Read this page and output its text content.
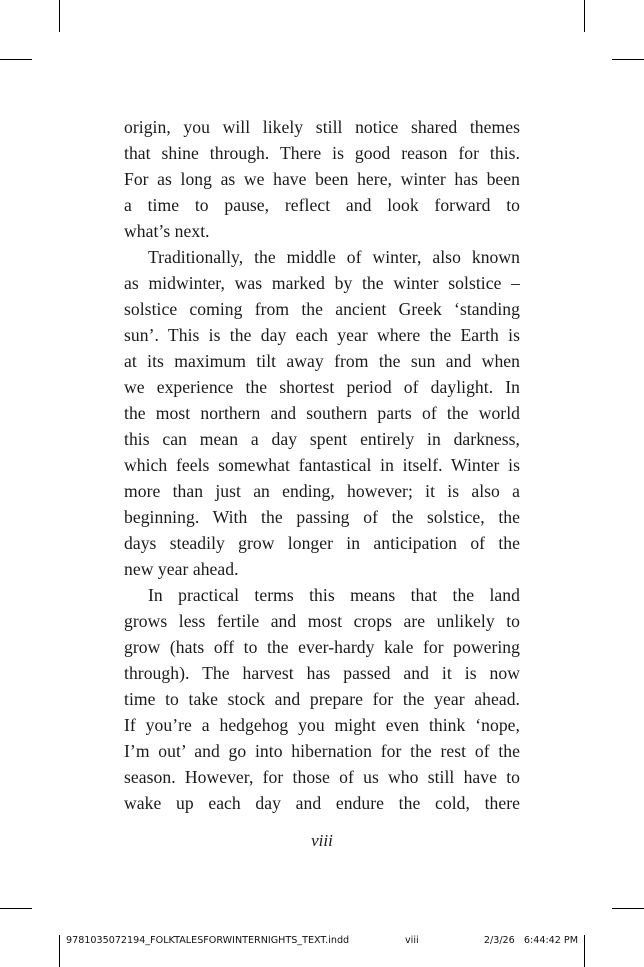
origin, you will likely still notice shared themes
that shine through. There is good reason for this.
For as long as we have been here, winter has been
a time to pause, reflect and look forward to
what’s next.
Traditionally, the middle of winter, also known
as midwinter, was marked by the winter solstice –
solstice coming from the ancient Greek ‘standing
sun’. This is the day each year where the Earth is
at its maximum tilt away from the sun and when
we experience the shortest period of daylight. In
the most northern and southern parts of the world
this can mean a day spent entirely in darkness,
which feels somewhat fantastical in itself. Winter is
more than just an ending, however; it is also a
beginning. With the passing of the solstice, the
days steadily grow longer in anticipation of the
new year ahead.
In practical terms this means that the land
grows less fertile and most crops are unlikely to
grow (hats off to the ever-hardy kale for powering
through). The harvest has passed and it is now
time to take stock and prepare for the year ahead.
If you’re a hedgehog you might even think ‘nope,
I’m out’ and go into hibernation for the rest of the
season. However, for those of us who still have to
wake up each day and endure the cold, there
viii
9781035072194_FOLKTALESFORWINTERNIGHTS_TEXT.indd	viii	2/3/26   6:44:42 PM
